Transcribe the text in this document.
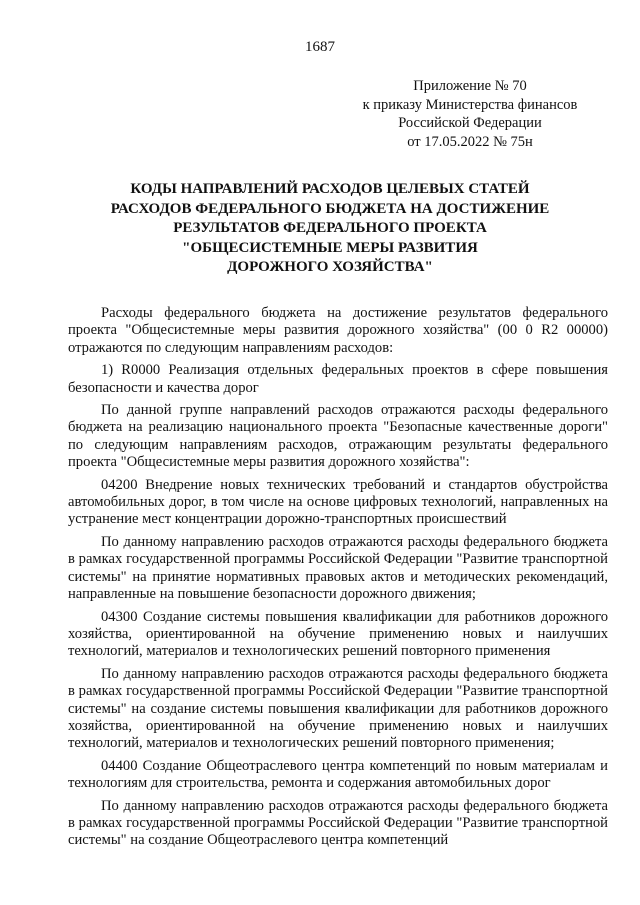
1687
Приложение № 70
к приказу Министерства финансов
Российской Федерации
от 17.05.2022 № 75н
КОДЫ НАПРАВЛЕНИЙ РАСХОДОВ ЦЕЛЕВЫХ СТАТЕЙ
РАСХОДОВ ФЕДЕРАЛЬНОГО БЮДЖЕТА НА ДОСТИЖЕНИЕ
РЕЗУЛЬТАТОВ ФЕДЕРАЛЬНОГО ПРОЕКТА
"ОБЩЕСИСТЕМНЫЕ МЕРЫ РАЗВИТИЯ
ДОРОЖНОГО ХОЗЯЙСТВА"

Расходы федерального бюджета на достижение результатов федерального проекта "Общесистемные меры развития дорожного хозяйства" (00 0 R2 00000) отражаются по следующим направлениям расходов:

1) R0000 Реализация отдельных федеральных проектов в сфере повышения безопасности и качества дорог

По данной группе направлений расходов отражаются расходы федерального бюджета на реализацию национального проекта "Безопасные качественные дороги" по следующим направлениям расходов, отражающим результаты федерального проекта "Общесистемные меры развития дорожного хозяйства":

04200 Внедрение новых технических требований и стандартов обустройства автомобильных дорог, в том числе на основе цифровых технологий, направленных на устранение мест концентрации дорожно-транспортных происшествий

По данному направлению расходов отражаются расходы федерального бюджета в рамках государственной программы Российской Федерации "Развитие транспортной системы" на принятие нормативных правовых актов и методических рекомендаций, направленные на повышение безопасности дорожного движения;

04300 Создание системы повышения квалификации для работников дорожного хозяйства, ориентированной на обучение применению новых и наилучших технологий, материалов и технологических решений повторного применения

По данному направлению расходов отражаются расходы федерального бюджета в рамках государственной программы Российской Федерации "Развитие транспортной системы" на создание системы повышения квалификации для работников дорожного хозяйства, ориентированной на обучение применению новых и наилучших технологий, материалов и технологических решений повторного применения;

04400 Создание Общеотраслевого центра компетенций по новым материалам и технологиям для строительства, ремонта и содержания автомобильных дорог

По данному направлению расходов отражаются расходы федерального бюджета в рамках государственной программы Российской Федерации "Развитие транспортной системы" на создание Общеотраслевого центра компетенций
